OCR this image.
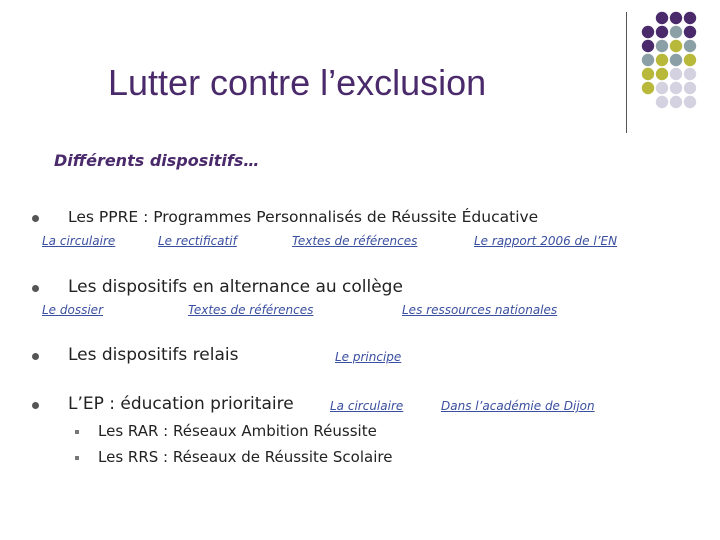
Lutter contre l’exclusion
Différents dispositifs…
Les PPRE : Programmes Personnalisés de Réussite Éducative
La circulaire	Le rectificatif	Textes de références	Le rapport 2006 de l’EN
Les dispositifs en alternance au collège
Le dossier	Textes de références	Les ressources nationales
Les dispositifs relais	Le principe
L’EP : éducation prioritaire	La circulaire	Dans l’académie de Dijon
Les RAR : Réseaux Ambition Réussite
Les RRS : Réseaux de Réussite Scolaire
